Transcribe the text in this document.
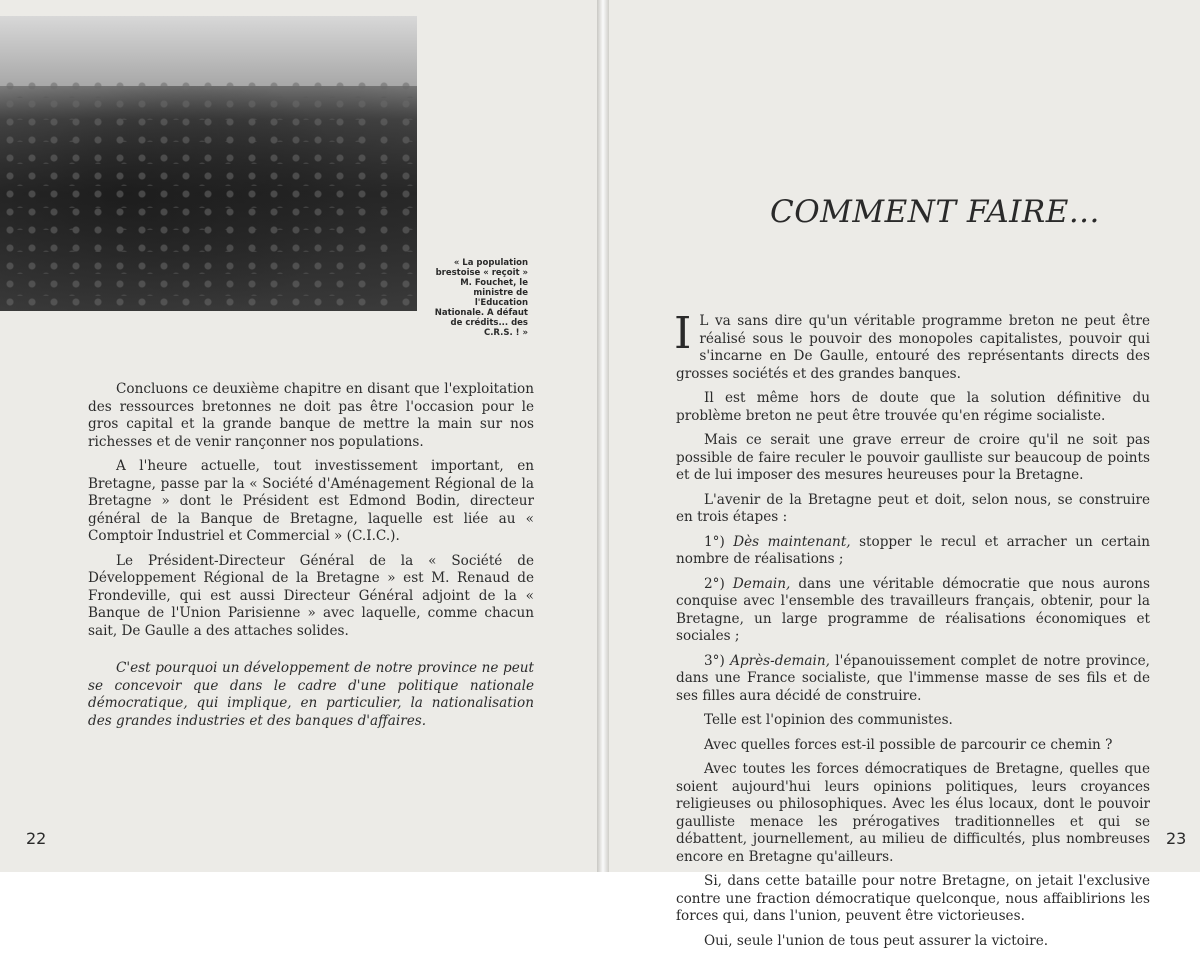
« La population brestoise « reçoit » M. Fouchet, le ministre de l'Education Nationale. A défaut de crédits... des C.R.S. ! »

Concluons ce deuxième chapitre en disant que l'exploitation des ressources bretonnes ne doit pas être l'occasion pour le gros capital et la grande banque de mettre la main sur nos richesses et de venir rançonner nos populations.

A l'heure actuelle, tout investissement important, en Bretagne, passe par la « Société d'Aménagement Régional de la Bretagne » dont le Président est Edmond Bodin, directeur général de la Banque de Bretagne, laquelle est liée au « Comptoir Industriel et Commercial » (C.I.C.).

Le Président-Directeur Général de la « Société de Développement Régional de la Bretagne » est M. Renaud de Frondeville, qui est aussi Directeur Général adjoint de la « Banque de l'Union Parisienne » avec laquelle, comme chacun sait, De Gaulle a des attaches solides.

C'est pourquoi un développement de notre province ne peut se concevoir que dans le cadre d'une politique nationale démocratique, qui implique, en particulier, la nationalisation des grandes industries et des banques d'affaires.

22
COMMENT FAIRE...

I L va sans dire qu'un véritable programme breton ne peut être réalisé sous le pouvoir des monopoles capitalistes, pouvoir qui s'incarne en De Gaulle, entouré des représentants directs des grosses sociétés et des grandes banques.

Il est même hors de doute que la solution définitive du problème breton ne peut être trouvée qu'en régime socialiste.

Mais ce serait une grave erreur de croire qu'il ne soit pas possible de faire reculer le pouvoir gaulliste sur beaucoup de points et de lui imposer des mesures heureuses pour la Bretagne.

L'avenir de la Bretagne peut et doit, selon nous, se construire en trois étapes :

1°) Dès maintenant, stopper le recul et arracher un certain nombre de réalisations ;

2°) Demain, dans une véritable démocratie que nous aurons conquise avec l'ensemble des travailleurs français, obtenir, pour la Bretagne, un large programme de réalisations économiques et sociales ;

3°) Après-demain, l'épanouissement complet de notre province, dans une France socialiste, que l'immense masse de ses fils et de ses filles aura décidé de construire.

Telle est l'opinion des communistes.

Avec quelles forces est-il possible de parcourir ce chemin ?

Avec toutes les forces démocratiques de Bretagne, quelles que soient aujourd'hui leurs opinions politiques, leurs croyances religieuses ou philosophiques. Avec les élus locaux, dont le pouvoir gaulliste menace les prérogatives traditionnelles et qui se débattent, journellement, au milieu de difficultés, plus nombreuses encore en Bretagne qu'ailleurs.

Si, dans cette bataille pour notre Bretagne, on jetait l'exclusive contre une fraction démocratique quelconque, nous affaiblirions les forces qui, dans l'union, peuvent être victorieuses.

Oui, seule l'union de tous peut assurer la victoire.

23
